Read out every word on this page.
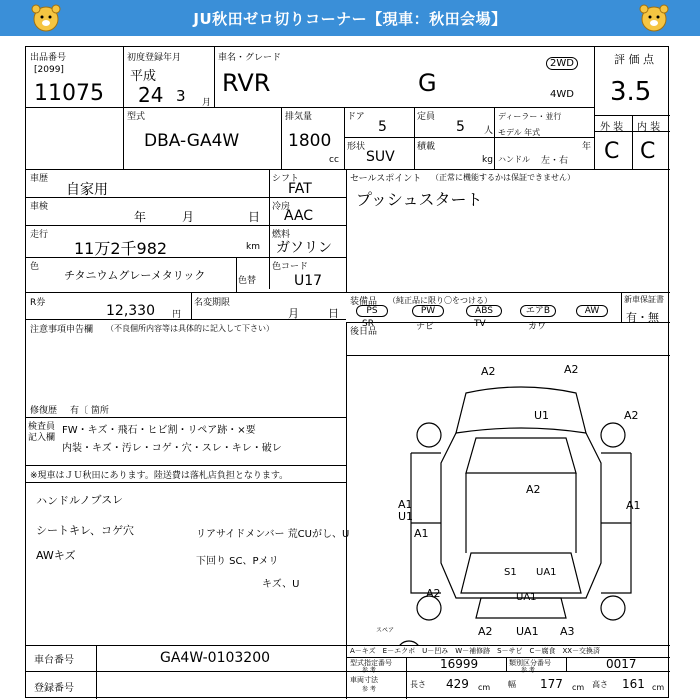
JU秋田ゼロ切りコーナー【現車：秋田会場】
出品番号
[2099]
11075
初度登録年月
平成
24 3 月
車名・グレード
RVR	G
2WD
4WD
評 価 点
3.5
型式
DBA-GA4W
排気量
1800
cc
ドア
5
定員
5 人
形状
SUV
積載
kg
ディーラー・並行
モデル 年式
年
ハンドル 左・右
外 装 内 装
C C
車歴
自家用
シフト
FAT
車検
年	月	日
冷房
AAC
走行
11万2千982	km
燃料
ガソリン
色
チタニウムグレーメタリック	色替
色コード
U17
R券	12,330 円
名変期限
月	日
セールスポイント （正常に機能するかは保証できません）
プッシュスタート
装備品 （純正品に限り〇をつける）
PS	PW	ABS	エアB	AW
SR	ナビ	TV	カワ
新車保証書
有・無
後日品
注意事項申告欄 （不良個所内容等は具体的に記入して下さい）
修復歴 有〔 箇所
検査員記入欄
FW・キズ・飛石・ヒビ割・リペア跡・×要
内装・キズ・汚レ・コゲ・穴・スレ・キレ・破レ
※現車はＪＵ秋田にあります。陸送費は落札店負担となります。
ハンドルノブスレ
シートキレ、コゲ穴
AWキズ
リアサイドメンバー 荒CUがし、U
下回り SC、Pメリ
キズ、U
車台番号	GA4W-0103200
登録番号
A－キズ　E－エクボ　U－凹み　W－補修跡　S－サビ　C－腐食　XX－交換済
型式指定番号
参 考	16999	類別区分番号
参 考	0017
車両寸法
参 考
長さ 429 cm 幅 177 cm 高さ 161 cm
A2	A2
U1	A2
A2
A1
A1 U1
A1
S1 UA1
UA1
A2
A2 UA1 A3
スペア
